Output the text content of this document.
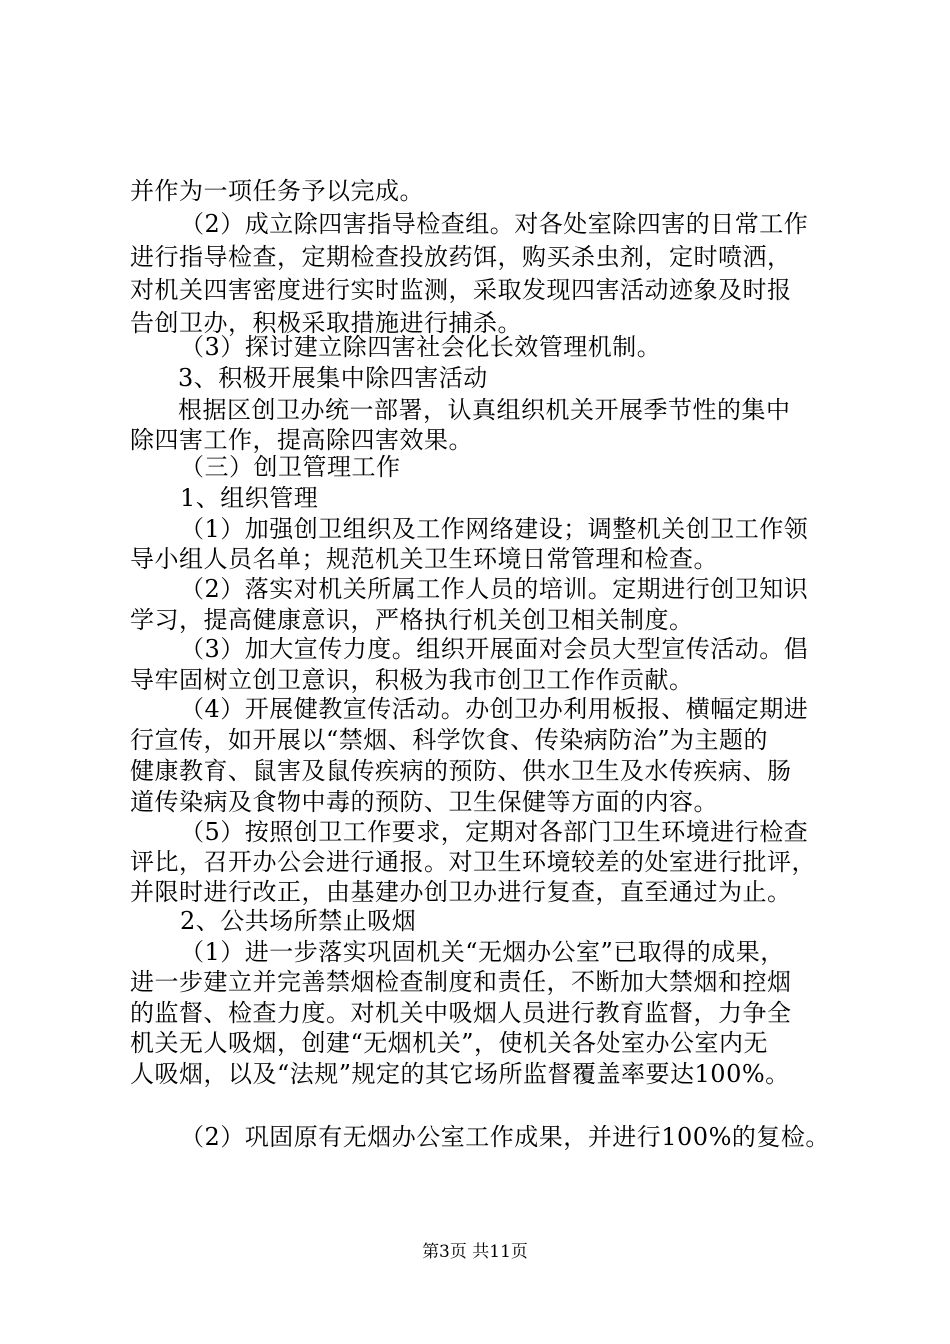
并作为一项任务予以完成。
（2）成立除四害指导检查组。对各处室除四害的日常工作
进行指导检查，定期检查投放药饵，购买杀虫剂，定时喷洒，
对机关四害密度进行实时监测，采取发现四害活动迹象及时报
告创卫办，积极采取措施进行捕杀。
（3）探讨建立除四害社会化长效管理机制。
3、积极开展集中除四害活动
根据区创卫办统一部署，认真组织机关开展季节性的集中
除四害工作，提高除四害效果。
（三）创卫管理工作
1、组织管理
（1）加强创卫组织及工作网络建设；调整机关创卫工作领
导小组人员名单；规范机关卫生环境日常管理和检查。
（2）落实对机关所属工作人员的培训。定期进行创卫知识
学习，提高健康意识，严格执行机关创卫相关制度。
（3）加大宣传力度。组织开展面对会员大型宣传活动。倡
导牢固树立创卫意识，积极为我市创卫工作作贡献。
（4）开展健教宣传活动。办创卫办利用板报、横幅定期进
行宣传，如开展以“禁烟、科学饮食、传染病防治”为主题的
健康教育、鼠害及鼠传疾病的预防、供水卫生及水传疾病、肠
道传染病及食物中毒的预防、卫生保健等方面的内容。
（5）按照创卫工作要求，定期对各部门卫生环境进行检查
评比，召开办公会进行通报。对卫生环境较差的处室进行批评，
并限时进行改正，由基建办创卫办进行复查，直至通过为止。
2、公共场所禁止吸烟
（1）进一步落实巩固机关“无烟办公室”已取得的成果，
进一步建立并完善禁烟检查制度和责任，不断加大禁烟和控烟
的监督、检查力度。对机关中吸烟人员进行教育监督，力争全
机关无人吸烟，创建“无烟机关”，使机关各处室办公室内无
人吸烟，以及“法规”规定的其它场所监督覆盖率要达100%。
（2）巩固原有无烟办公室工作成果，并进行100%的复检。
第3页 共11页
